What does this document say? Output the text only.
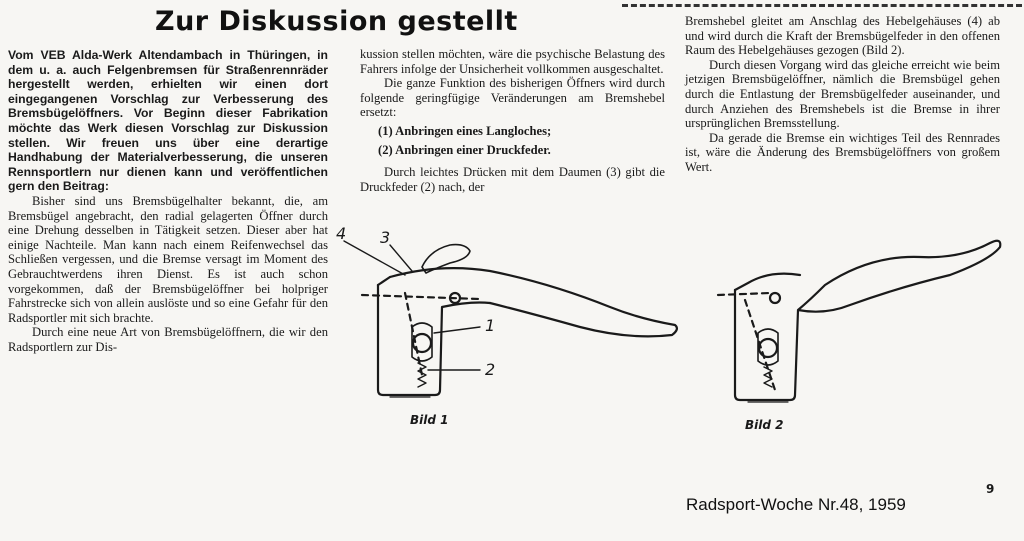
Zur Diskussion gestellt

Vom VEB Alda-Werk Altendambach in Thüringen, in dem u. a. auch Felgenbremsen für Straßenrennräder hergestellt werden, erhielten wir einen dort eingegangenen Vorschlag zur Verbesserung des Bremsbügelöffners. Vor Beginn dieser Fabrikation möchte das Werk diesen Vorschlag zur Diskussion stellen. Wir freuen uns über eine derartige Handhabung der Materialverbesserung, die unseren Rennsportlern nur dienen kann und veröffentlichen gern den Beitrag:

Bisher sind uns Bremsbügelhalter bekannt, die, am Bremsbügel angebracht, den radial gelagerten Öffner durch eine Drehung desselben in Tätigkeit setzen. Dieser aber hat einige Nachteile. Man kann nach einem Reifenwechsel das Schließen vergessen, und die Bremse versagt im Moment des Gebrauchtwerdens ihren Dienst. Es ist auch schon vorgekommen, daß der Bremsbügelöffner bei holpriger Fahrstrecke sich von allein auslöste und so eine Gefahr für den Radsportler mit sich brachte.

Durch eine neue Art von Bremsbügelöffnern, die wir den Radsportlern zur Dis-

kussion stellen möchten, wäre die psychische Belastung des Fahrers infolge der Unsicherheit vollkommen ausgeschaltet.

Die ganze Funktion des bisherigen Öffners wird durch folgende geringfügige Veränderungen am Bremshebel ersetzt:

(1) Anbringen eines Langloches;

(2) Anbringen einer Druckfeder.

Durch leichtes Drücken mit dem Daumen (3) gibt die Druckfeder (2) nach, der

Bremshebel gleitet am Anschlag des Hebelgehäuses (4) ab und wird durch die Kraft der Bremsbügelfeder in den offenen Raum des Hebelgehäuses gezogen (Bild 2).

Durch diesen Vorgang wird das gleiche erreicht wie beim jetzigen Bremsbügelöffner, nämlich die Bremsbügel gehen durch die Entlastung der Bremsbügelfeder auseinander, und durch Anziehen des Bremshebels ist die Bremse in ihrer ursprünglichen Bremsstellung.

Da gerade die Bremse ein wichtiges Teil des Rennrades ist, wäre die Änderung des Bremsbügelöffners von großem Wert.

4 3
1
2
Bild 1	Bild 2
Radsport-Woche Nr.48, 1959
9
